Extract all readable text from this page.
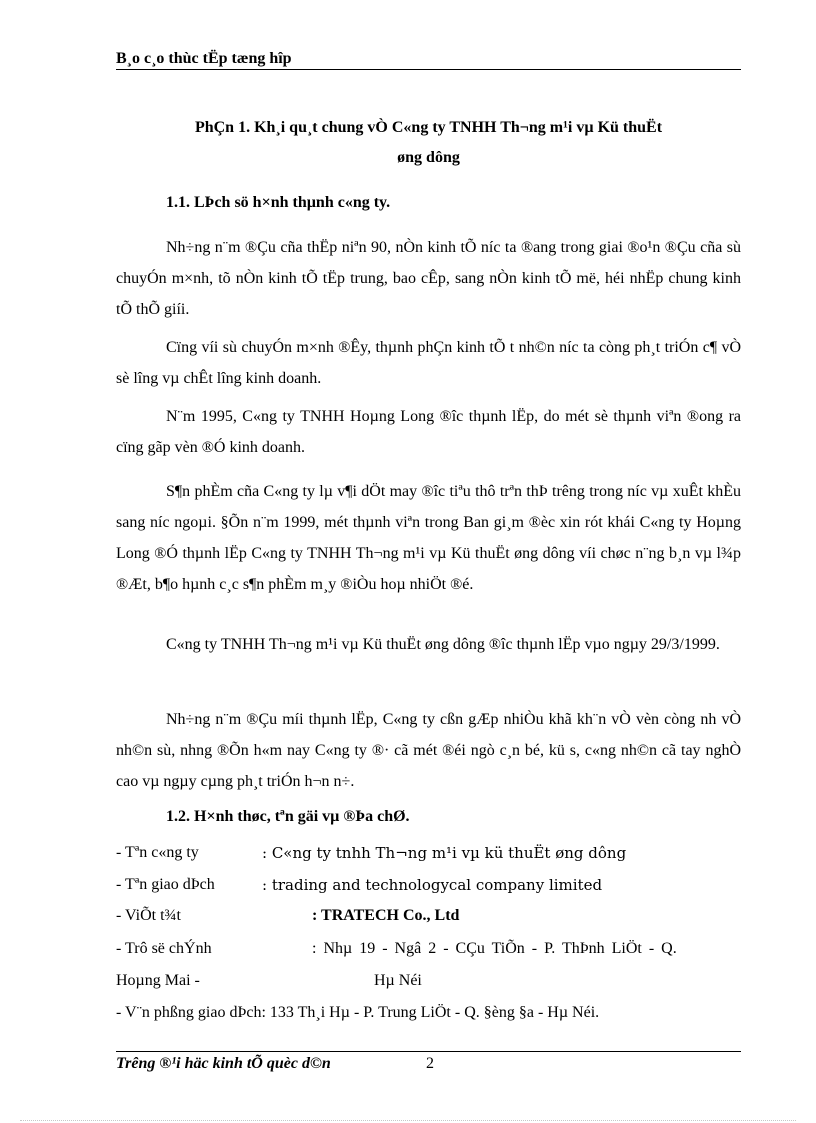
B¸o c¸o thùc tËp tæng hîp
PhÇn 1. Kh¸i qu¸t chung vÒ C«ng ty TNHH Th¬ng m¹i vµ Kü thuËt
øng dông
1.1. LÞch sö h×nh thµnh c«ng ty.
Nh÷ng n¨m ®Çu cña thËp niªn 90, nÒn kinh tÕ níc ta ®ang trong giai ®o¹n ®Çu cña sù chuyÓn m×nh, tõ nÒn kinh tÕ tËp trung, bao cÊp, sang nÒn kinh tÕ më, héi nhËp chung kinh tÕ thÕ giíi.
Cïng víi sù chuyÓn m×nh ®Êy, thµnh phÇn kinh tÕ t nh©n níc ta còng ph¸t triÓn c¶ vÒ sè lîng vµ chÊt lîng kinh doanh.
N¨m 1995, C«ng ty TNHH Hoµng Long ®îc thµnh lËp, do mét sè thµnh viªn ®ong ra cïng gãp vèn ®Ó kinh doanh.
S¶n phÈm cña C«ng ty lµ v¶i dÖt may ®îc tiªu thô trªn thÞ trêng trong níc vµ xuÊt khÈu sang níc ngoµi. §Õn n¨m 1999, mét thµnh viªn trong Ban gi¸m ®èc xin rót khái C«ng ty Hoµng Long ®Ó thµnh lËp C«ng ty TNHH Th¬ng m¹i vµ Kü thuËt øng dông víi chøc n¨ng b¸n vµ l¾p ®Æt, b¶o hµnh c¸c s¶n phÈm m¸y ®iÒu hoµ nhiÖt ®é.
C«ng ty TNHH Th¬ng m¹i vµ Kü thuËt øng dông ®îc thµnh lËp vµo ngµy 29/3/1999.
Nh÷ng n¨m ®Çu míi thµnh lËp, C«ng ty cßn gÆp nhiÒu khã kh¨n vÒ vèn còng nh vÒ nh©n sù, nhng ®Õn h«m nay C«ng ty ®· cã mét ®éi ngò c¸n bé, kü s, c«ng nh©n cã tay nghÒ cao vµ ngµy cµng ph¸t triÓn h¬n n÷.
1.2. H×nh thøc, tªn gäi vµ ®Þa chØ.
- Tªn c«ng ty	: C«ng ty tnhh Th¬ng m¹i vµ kü thuËt øng dông
- Tªn giao dÞch	: trading and technologycal company limited
- ViÕt t¾t	: TRATECH Co., Ltd
- Trô së chÝnh	: Nhµ 19 - Ngâ 2 - CÇu TiÕn - P. ThÞnh LiÖt - Q.
Hoµng Mai -	Hµ Néi
- V¨n phßng giao dÞch: 133 Th¸i Hµ - P. Trung LiÖt - Q. §èng §a - Hµ Néi.
Trêng ®¹i häc kinh tÕ quèc d©n	2
